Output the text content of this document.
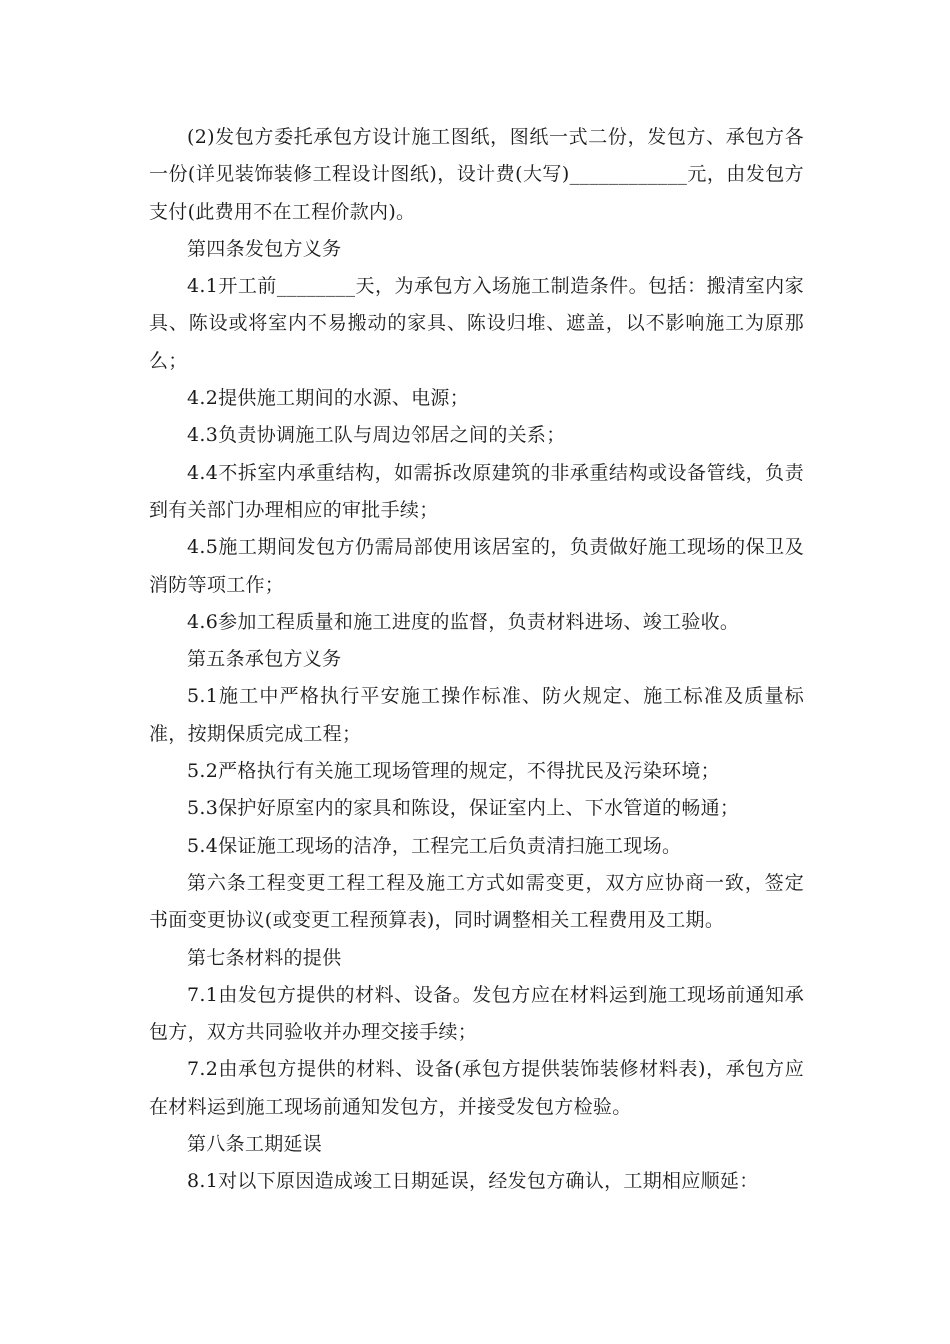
(2)发包方委托承包方设计施工图纸，图纸一式二份，发包方、承包方各一份(详见装饰装修工程设计图纸)，设计费(大写)____________元，由发包方支付(此费用不在工程价款内)。

第四条发包方义务

4.1开工前________天，为承包方入场施工制造条件。包括：搬清室内家具、陈设或将室内不易搬动的家具、陈设归堆、遮盖，以不影响施工为原那么；

4.2提供施工期间的水源、电源；

4.3负责协调施工队与周边邻居之间的关系；

4.4不拆室内承重结构，如需拆改原建筑的非承重结构或设备管线，负责到有关部门办理相应的审批手续；

4.5施工期间发包方仍需局部使用该居室的，负责做好施工现场的保卫及消防等项工作；

4.6参加工程质量和施工进度的监督，负责材料进场、竣工验收。

第五条承包方义务

5.1施工中严格执行平安施工操作标准、防火规定、施工标准及质量标准，按期保质完成工程；

5.2严格执行有关施工现场管理的规定，不得扰民及污染环境；

5.3保护好原室内的家具和陈设，保证室内上、下水管道的畅通；

5.4保证施工现场的洁净，工程完工后负责清扫施工现场。

第六条工程变更工程工程及施工方式如需变更，双方应协商一致，签定书面变更协议(或变更工程预算表)，同时调整相关工程费用及工期。

第七条材料的提供

7.1由发包方提供的材料、设备。发包方应在材料运到施工现场前通知承包方，双方共同验收并办理交接手续；

7.2由承包方提供的材料、设备(承包方提供装饰装修材料表)，承包方应在材料运到施工现场前通知发包方，并接受发包方检验。

第八条工期延误

8.1对以下原因造成竣工日期延误，经发包方确认，工期相应顺延：
